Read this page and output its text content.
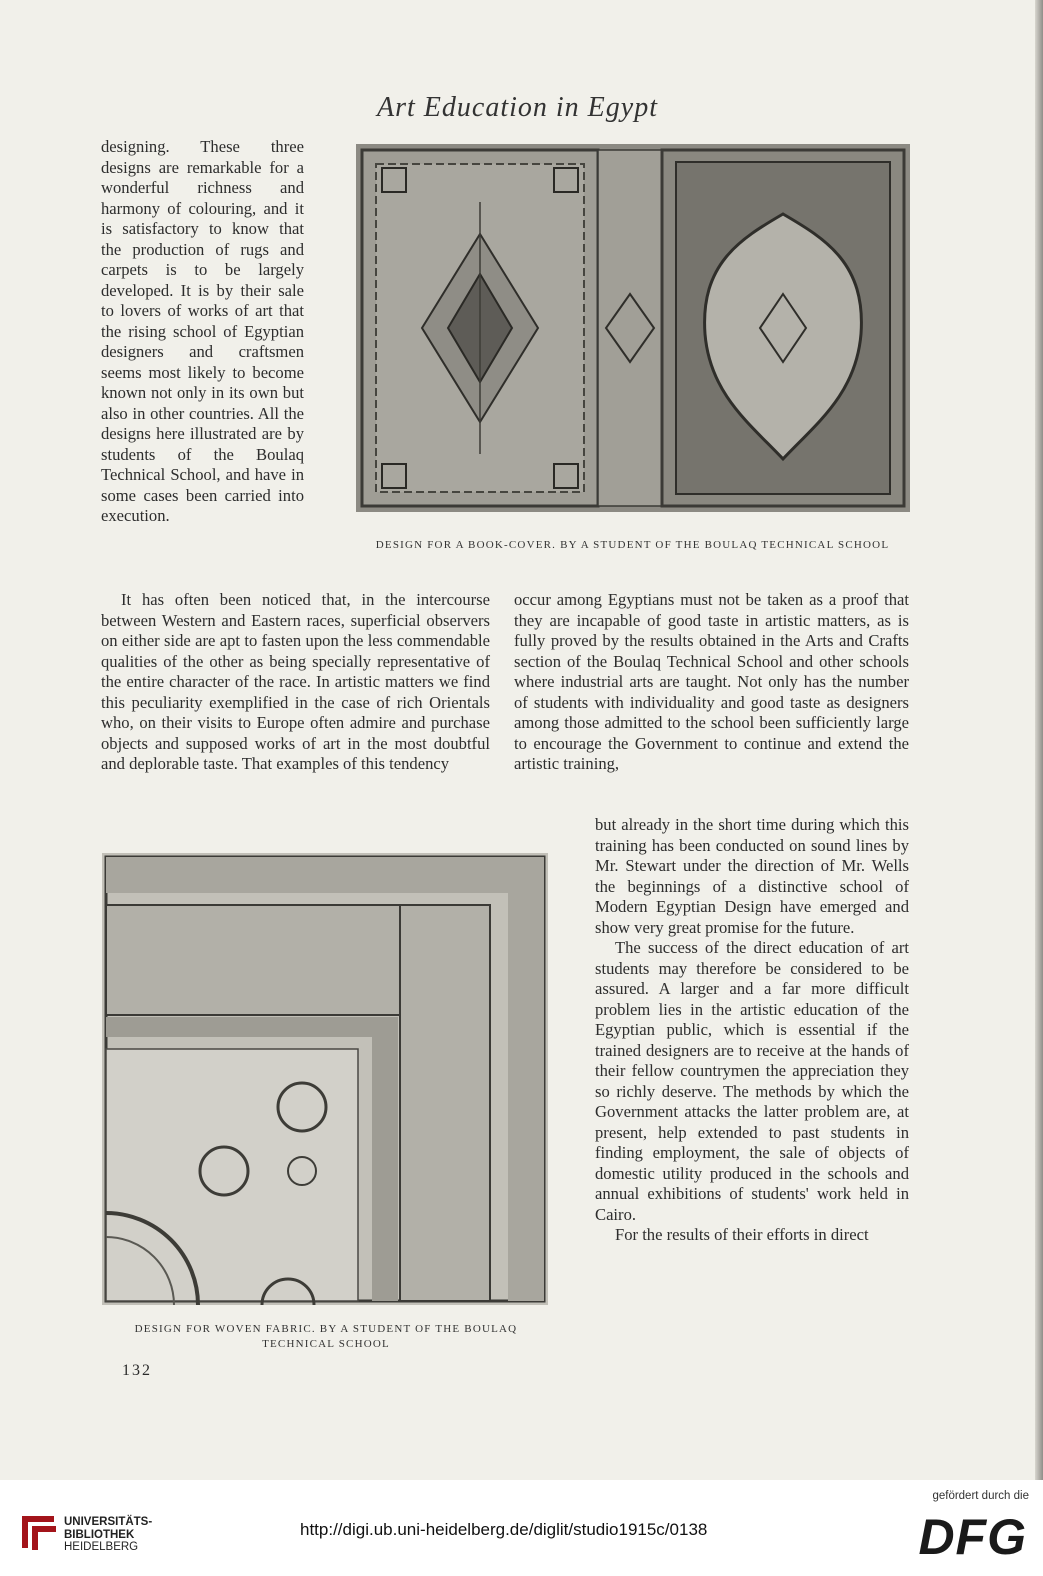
Art Education in Egypt

designing. These three designs are remarkable for a wonderful richness and harmony of colouring, and it is satisfactory to know that the production of rugs and carpets is to be largely developed. It is by their sale to lovers of works of art that the rising school of Egyptian designers and craftsmen seems most likely to become known not only in its own but also in other countries. All the designs here illustrated are by students of the Boulaq Technical School, and have in some cases been carried into execution.

DESIGN FOR A BOOK-COVER. BY A STUDENT OF THE BOULAQ TECHNICAL SCHOOL

It has often been noticed that, in the intercourse between Western and Eastern races, superficial observers on either side are apt to fasten upon the less commendable qualities of the other as being specially representative of the entire character of the race. In artistic matters we find this peculiarity exemplified in the case of rich Orientals who, on their visits to Europe often admire and purchase objects and supposed works of art in the most doubtful and deplorable taste. That examples of this tendency

occur among Egyptians must not be taken as a proof that they are incapable of good taste in artistic matters, as is fully proved by the results obtained in the Arts and Crafts section of the Boulaq Technical School and other schools where industrial arts are taught. Not only has the number of students with individuality and good taste as designers among those admitted to the school been sufficiently large to encourage the Government to continue and extend the artistic training,

but already in the short time during which this training has been conducted on sound lines by Mr. Stewart under the direction of Mr. Wells the beginnings of a distinctive school of Modern Egyptian Design have emerged and show very great promise for the future.

The success of the direct education of art students may therefore be considered to be assured. A larger and a far more difficult problem lies in the artistic education of the Egyptian public, which is essential if the trained designers are to receive at the hands of their fellow countrymen the appreciation they so richly deserve. The methods by which the Government attacks the latter problem are, at present, help extended to past students in finding employment, the sale of objects of domestic utility produced in the schools and annual exhibitions of students' work held in Cairo.

For the results of their efforts in direct

DESIGN FOR WOVEN FABRIC. BY A STUDENT OF THE BOULAQ
TECHNICAL SCHOOL
132
UNIVERSITÄTS-
BIBLIOTHEK
HEIDELBERG
http://digi.ub.uni-heidelberg.de/diglit/studio1915c/0138
gefördert durch die
DFG
